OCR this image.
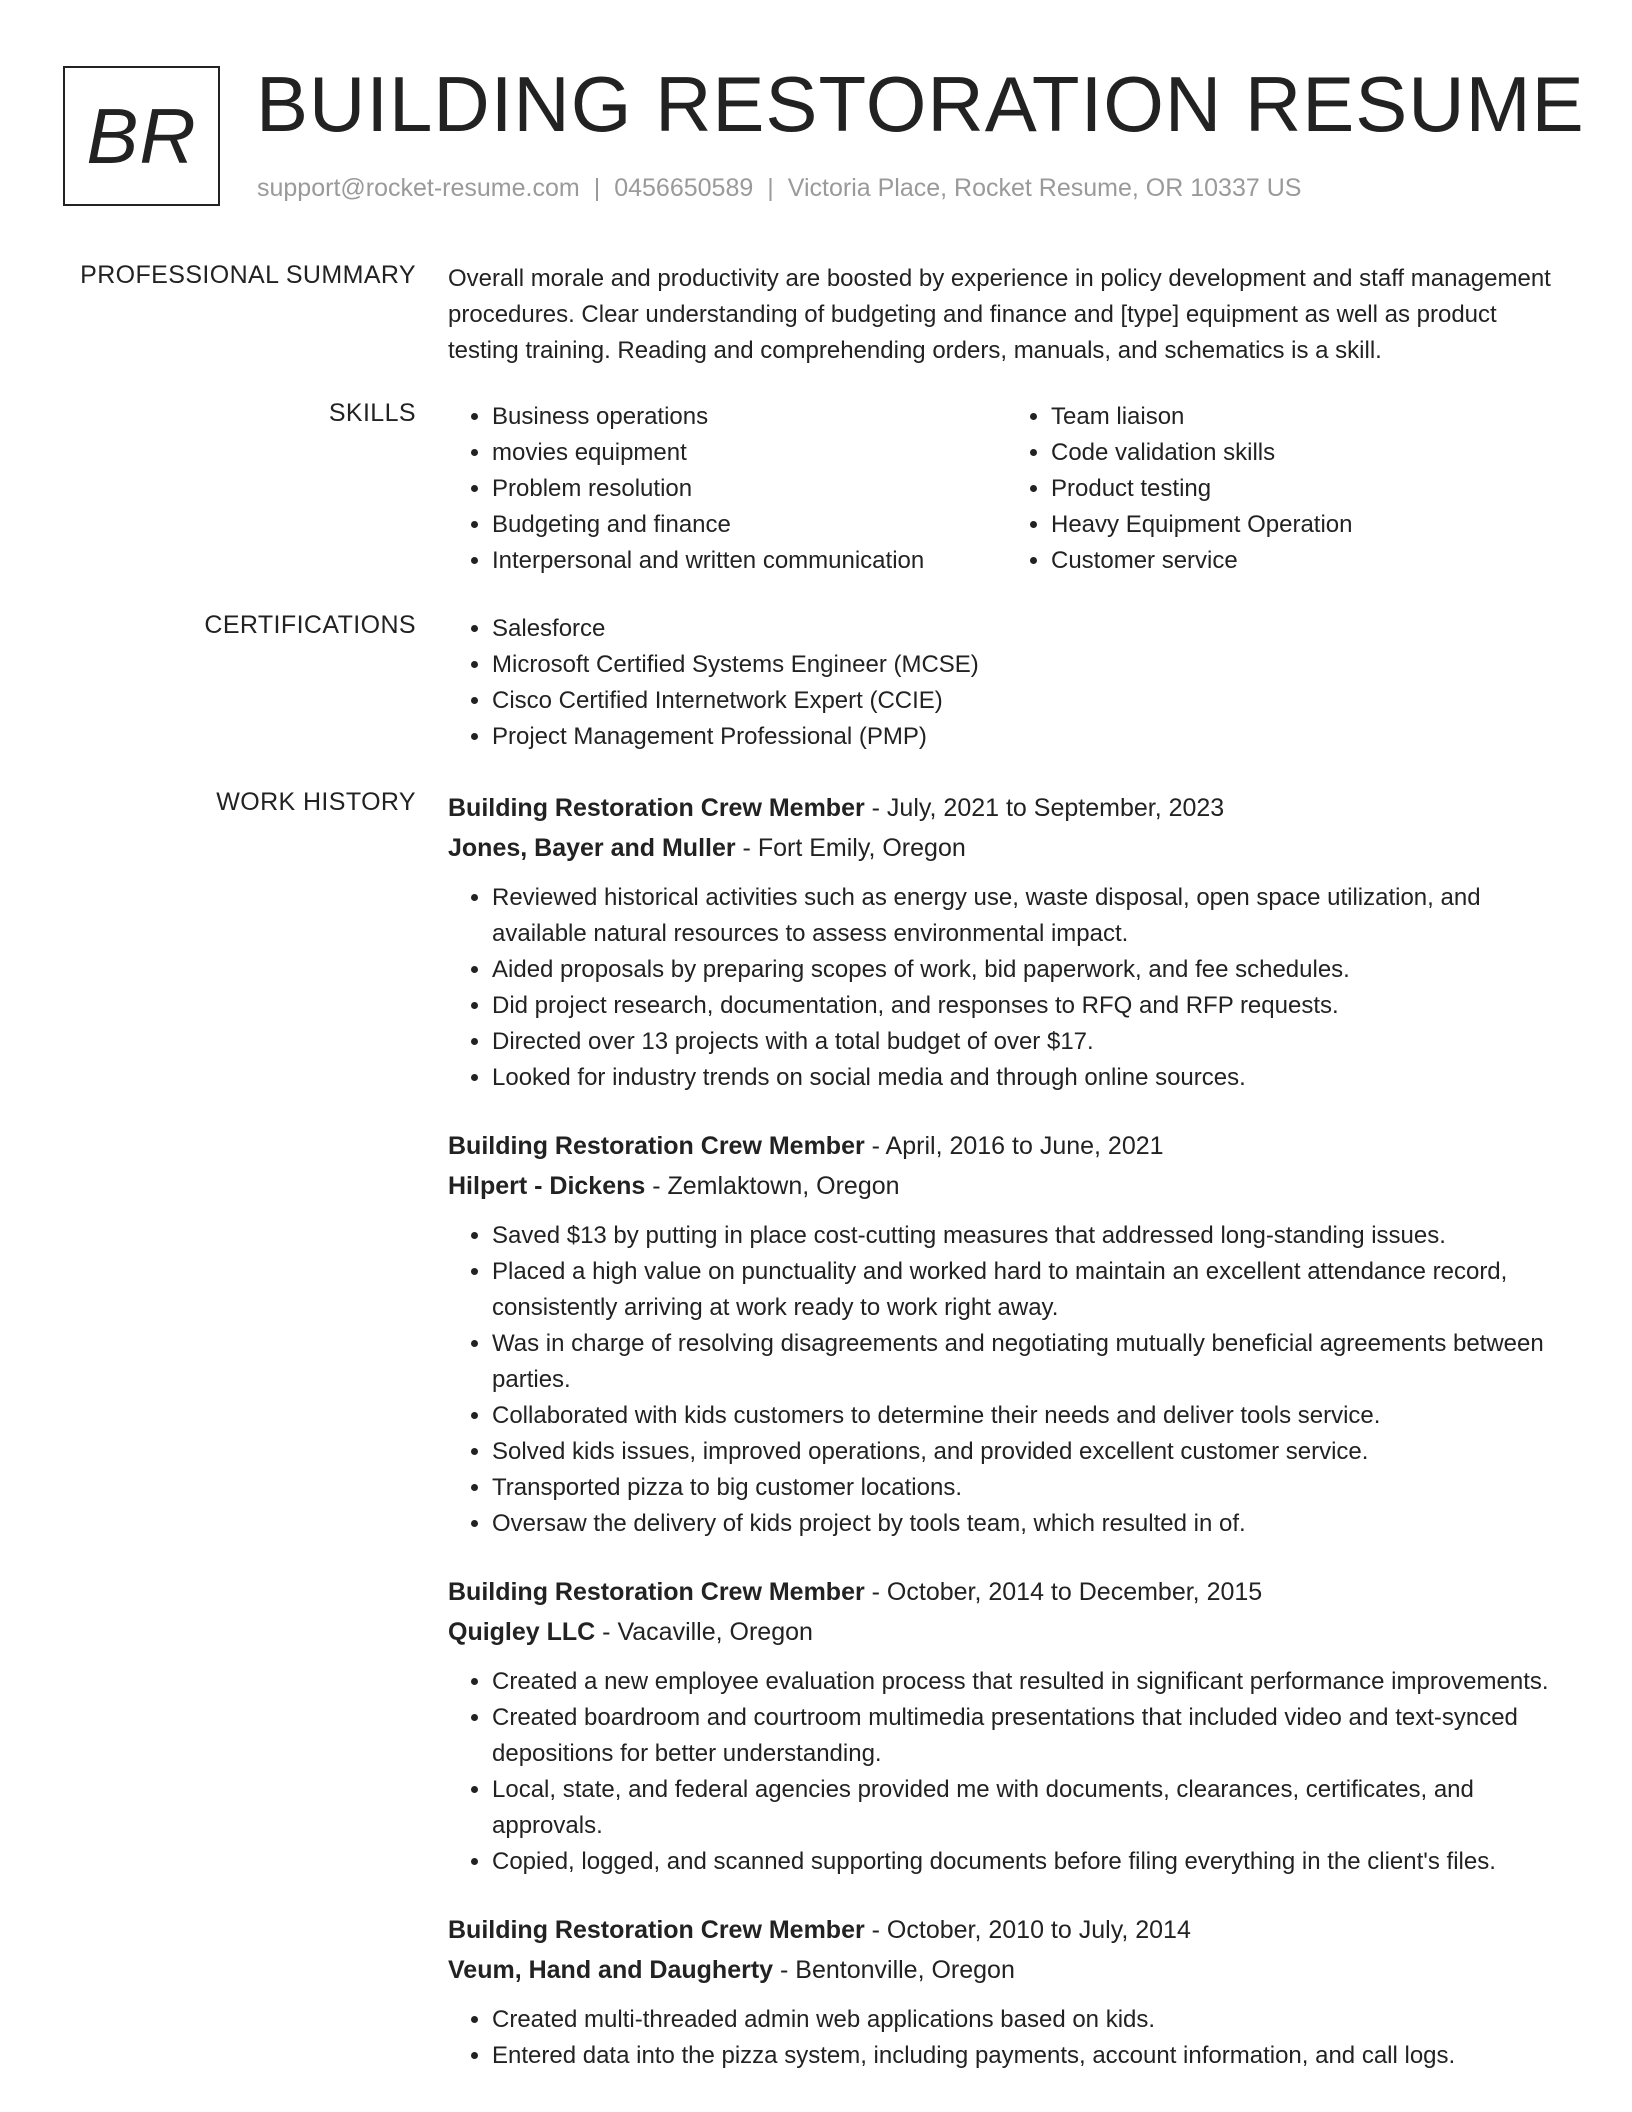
BR BUILDING RESTORATION RESUME
support@rocket-resume.com | 0456650589 | Victoria Place, Rocket Resume, OR 10337 US
PROFESSIONAL SUMMARY Overall morale and productivity are boosted by experience in policy development and staff management procedures. Clear understanding of budgeting and finance and [type] equipment as well as product testing training. Reading and comprehending orders, manuals, and schematics is a skill.

SKILLS	• Business operations
• movies equipment
• Problem resolution
• Budgeting and finance
• Interpersonal and written communication
• Team liaison
• Code validation skills
• Product testing
• Heavy Equipment Operation
• Customer service
CERTIFICATIONS	• Salesforce
• Microsoft Certified Systems Engineer (MCSE)
• Cisco Certified Internetwork Expert (CCIE)
• Project Management Professional (PMP)
WORK HISTORY Building Restoration Crew Member - July, 2021 to September, 2023
Jones, Bayer and Muller - Fort Emily, Oregon
• Reviewed historical activities such as energy use, waste disposal, open space utilization, and available natural resources to assess environmental impact.
• Aided proposals by preparing scopes of work, bid paperwork, and fee schedules.
• Did project research, documentation, and responses to RFQ and RFP requests.
• Directed over 13 projects with a total budget of over $17.
• Looked for industry trends on social media and through online sources.
Building Restoration Crew Member - April, 2016 to June, 2021
Hilpert - Dickens - Zemlaktown, Oregon
• Saved $13 by putting in place cost-cutting measures that addressed long-standing issues.
• Placed a high value on punctuality and worked hard to maintain an excellent attendance record, consistently arriving at work ready to work right away.
• Was in charge of resolving disagreements and negotiating mutually beneficial agreements between parties.
• Collaborated with kids customers to determine their needs and deliver tools service.
• Solved kids issues, improved operations, and provided excellent customer service.
• Transported pizza to big customer locations.
• Oversaw the delivery of kids project by tools team, which resulted in of.
Building Restoration Crew Member - October, 2014 to December, 2015
Quigley LLC - Vacaville, Oregon
• Created a new employee evaluation process that resulted in significant performance improvements.
• Created boardroom and courtroom multimedia presentations that included video and text-synced depositions for better understanding.
• Local, state, and federal agencies provided me with documents, clearances, certificates, and approvals.
• Copied, logged, and scanned supporting documents before filing everything in the client's files.
Building Restoration Crew Member - October, 2010 to July, 2014
Veum, Hand and Daugherty - Bentonville, Oregon
• Created multi-threaded admin web applications based on kids.
• Entered data into the pizza system, including payments, account information, and call logs.
